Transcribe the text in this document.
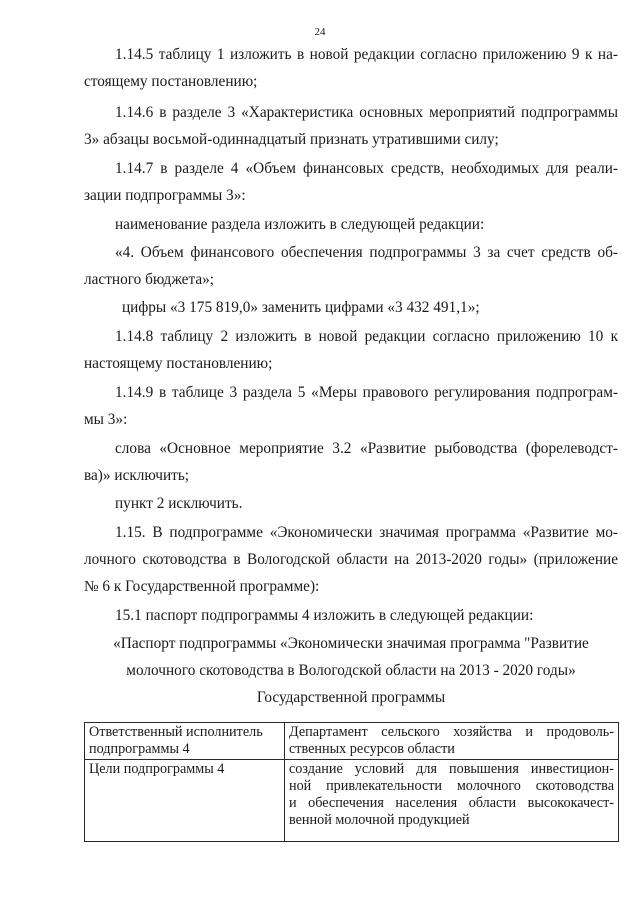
24
1.14.5 таблицу 1 изложить в новой редакции согласно приложению 9 к на-
стоящему постановлению;
1.14.6 в разделе 3 «Характеристика основных мероприятий подпрограммы
3» абзацы восьмой-одиннадцатый признать утратившими силу;
1.14.7 в разделе 4 «Объем финансовых средств, необходимых для реали-
зации подпрограммы 3»:
наименование раздела изложить в следующей редакции:
«4. Объем финансового обеспечения подпрограммы 3 за счет средств об-
ластного бюджета»;
цифры «3 175 819,0» заменить цифрами «3 432 491,1»;
1.14.8 таблицу 2 изложить в новой редакции согласно приложению 10 к
настоящему постановлению;
1.14.9 в таблице 3 раздела 5 «Меры правового регулирования подпрограм-
мы 3»:
слова «Основное мероприятие 3.2 «Развитие рыбоводства (форелеводст-
ва)» исключить;
пункт 2 исключить.
1.15. В подпрограмме «Экономически значимая программа «Развитие мо-
лочного скотоводства в Вологодской области на 2013-2020 годы» (приложение
№ 6 к Государственной программе):
15.1 паспорт подпрограммы 4 изложить в следующей редакции:
«Паспорт подпрограммы «Экономически значимая программа "Развитие
молочного скотоводства в Вологодской области на 2013 - 2020 годы»
Государственной программы
Ответственный исполнитель
подпрограммы 4	Департамент сельского хозяйства и продоволь-
ственных ресурсов области

Цели подпрограммы 4	создание условий для повышения инвестицион-
ной привлекательности молочного скотоводства
и обеспечения населения области высококачест-
венной молочной продукцией
